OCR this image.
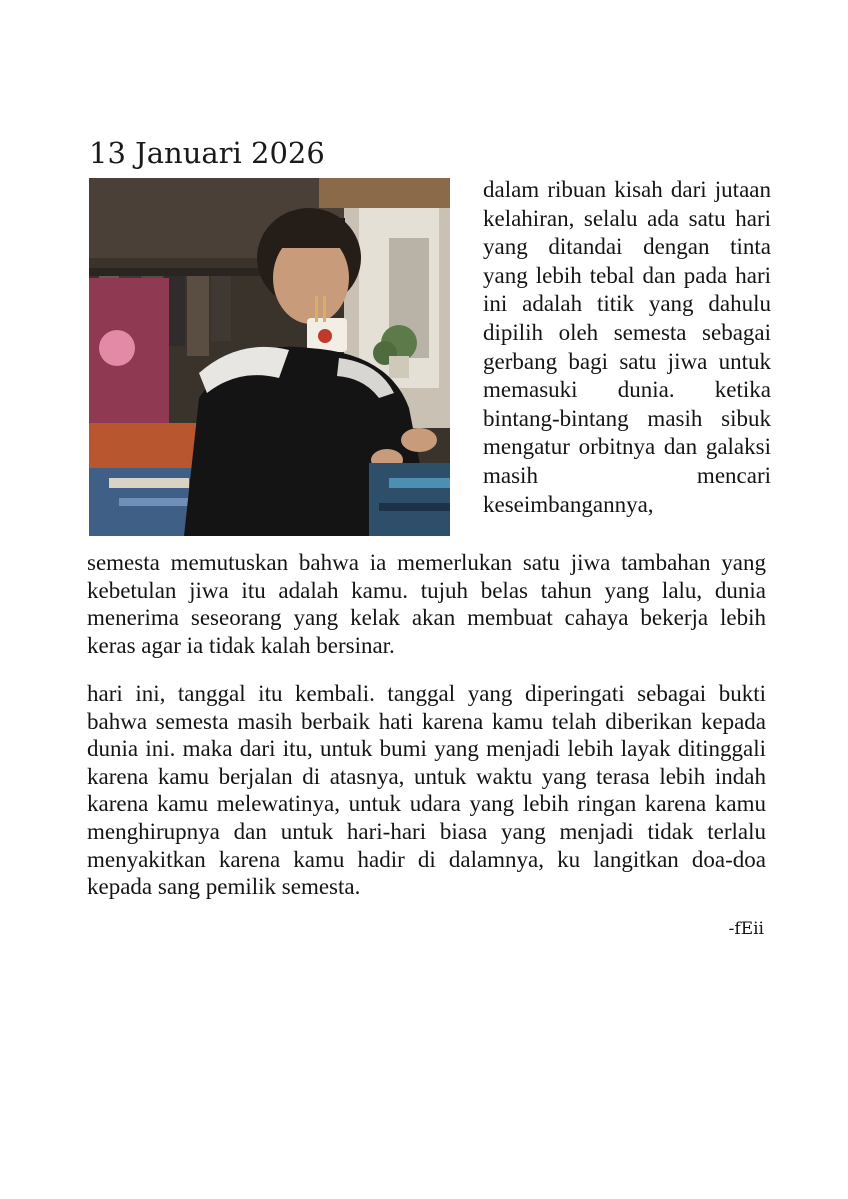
13 Januari 2026

dalam ribuan kisah dari jutaan kelahiran, selalu ada satu hari yang ditandai dengan tinta yang lebih tebal dan pada hari ini adalah titik yang dahulu dipilih oleh semesta sebagai gerbang bagi satu jiwa untuk memasuki dunia. ketika bintang-bintang masih sibuk mengatur orbitnya dan galaksi masih mencari keseimbangannya,

semesta memutuskan bahwa ia memerlukan satu jiwa tambahan yang kebetulan jiwa itu adalah kamu. tujuh belas tahun yang lalu, dunia menerima seseorang yang kelak akan membuat cahaya bekerja lebih keras agar ia tidak kalah bersinar.

hari ini, tanggal itu kembali. tanggal yang diperingati sebagai bukti bahwa semesta masih berbaik hati karena kamu telah diberikan kepada dunia ini. maka dari itu, untuk bumi yang menjadi lebih layak ditinggali karena kamu berjalan di atasnya, untuk waktu yang terasa lebih indah karena kamu melewatinya, untuk udara yang lebih ringan karena kamu menghirupnya dan untuk hari-hari biasa yang menjadi tidak terlalu menyakitkan karena kamu hadir di dalamnya, ku langitkan doa-doa kepada sang pemilik semesta.

-fEii
